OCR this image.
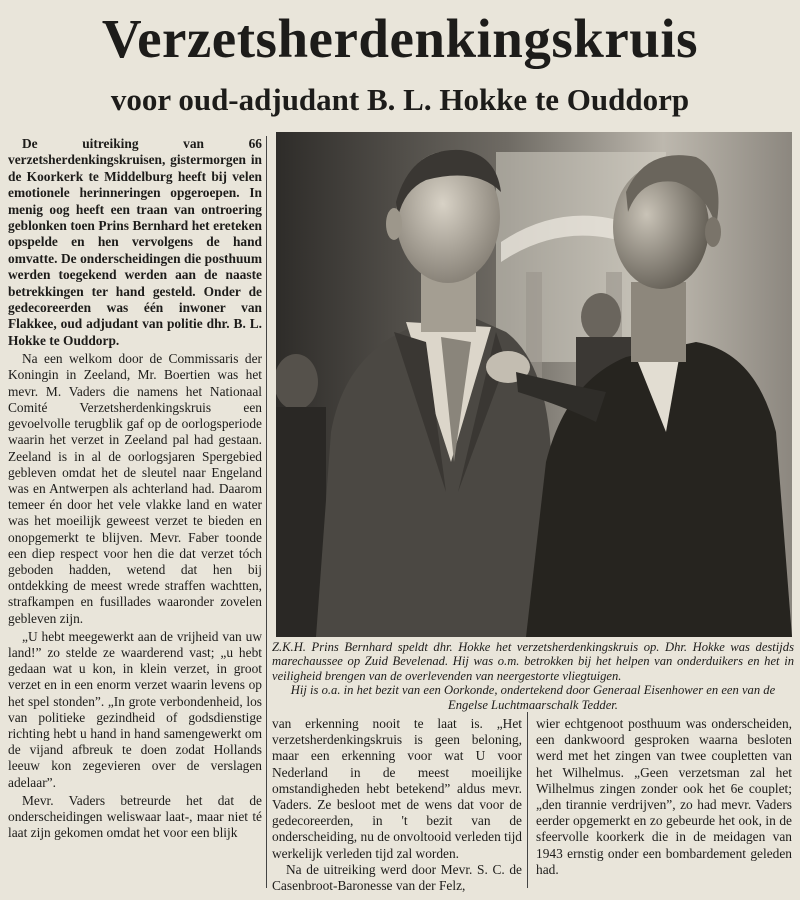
Verzetsherdenkingskruis
voor oud-adjudant B. L. Hokke te Ouddorp

De uitreiking van 66 verzetsherdenkingskruisen, gistermorgen in de Koorkerk te Middelburg heeft bij velen emotionele herinneringen opgeroepen. In menig oog heeft een traan van ontroering geblonken toen Prins Bernhard het ereteken opspelde en hen vervolgens de hand omvatte. De onderscheidingen die posthuum werden toegekend werden aan de naaste betrekkingen ter hand gesteld. Onder de gedecoreerden was één inwoner van Flakkee, oud adjudant van politie dhr. B. L. Hokke te Ouddorp.

Na een welkom door de Commissaris der Koningin in Zeeland, Mr. Boertien was het mevr. M. Vaders die namens het Nationaal Comité Verzetsherdenkingskruis een gevoelvolle terugblik gaf op de oorlogsperiode waarin het verzet in Zeeland pal had gestaan. Zeeland is in al de oorlogsjaren Spergebied gebleven omdat het de sleutel naar Engeland was en Antwerpen als achterland had. Daarom temeer én door het vele vlakke land en water was het moeilijk geweest verzet te bieden en onopgemerkt te blijven. Mevr. Faber toonde een diep respect voor hen die dat verzet tóch geboden hadden, wetend dat hen bij ontdekking de meest wrede straffen wachtten, strafkampen en fusillades waaronder zovelen gebleven zijn.

„U hebt meegewerkt aan de vrijheid van uw land!” zo stelde ze waarderend vast; „u hebt gedaan wat u kon, in klein verzet, in groot verzet en in een enorm verzet waarin levens op het spel stonden”. „In grote verbondenheid, los van politieke gezindheid of godsdienstige richting hebt u hand in hand samengewerkt om de vijand afbreuk te doen zodat Hollands leeuw kon zegevieren over de verslagen adelaar”.

Mevr. Vaders betreurde het dat de onderscheidingen weliswaar laat-, maar niet té laat zijn gekomen omdat het voor een blijk

Z.K.H. Prins Bernhard speldt dhr. Hokke het verzetsherdenkingskruis op. Dhr. Hokke was destijds marechaussee op Zuid Bevelenad. Hij was o.m. betrokken bij het helpen van onderduikers en het in veiligheid brengen van de overlevenden van neergestorte vliegtuigen.
Hij is o.a. in het bezit van een Oorkonde, ondertekend door Generaal Eisenhower en een van de Engelse Luchtmaarschalk Tedder.

van erkenning nooit te laat is. „Het verzetsherdenkingskruis is geen beloning, maar een erkenning voor wat U voor Nederland in de meest moeilijke omstandigheden hebt betekend” aldus mevr. Vaders. Ze besloot met de wens dat voor de gedecoreerden, in 't bezit van de onderscheiding, nu de onvoltooid verleden tijd werkelijk verleden tijd zal worden.

Na de uitreiking werd door Mevr. S. C. de Casenbroot-Baronesse van der Felz,

wier echtgenoot posthuum was onderscheiden, een dankwoord gesproken waarna besloten werd met het zingen van twee coupletten van het Wilhelmus. „Geen verzetsman zal het Wilhelmus zingen zonder ook het 6e couplet; „den tirannie verdrijven”, zo had mevr. Vaders eerder opgemerkt en zo gebeurde het ook, in de sfeervolle koorkerk die in de meidagen van 1943 ernstig onder een bombardement geleden had.
